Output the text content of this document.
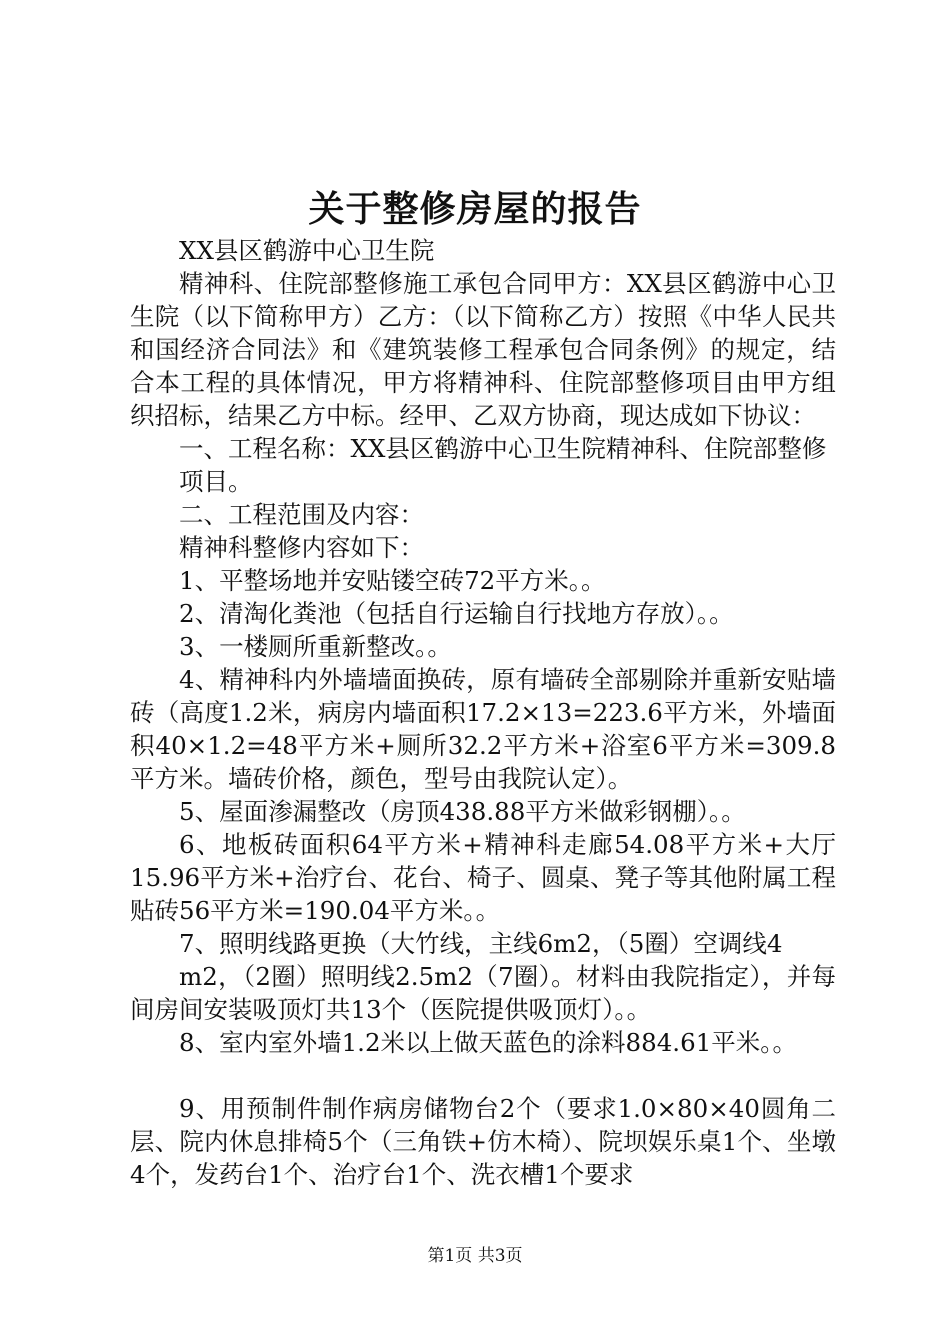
关于整修房屋的报告

XX县区鹤游中心卫生院

精神科、住院部整修施工承包合同甲方：XX县区鹤游中心卫生院（以下简称甲方）乙方：（以下简称乙方）按照《中华人民共和国经济合同法》和《建筑装修工程承包合同条例》的规定，结合本工程的具体情况，甲方将精神科、住院部整修项目由甲方组织招标，结果乙方中标。经甲、乙双方协商，现达成如下协议：

一、工程名称：XX县区鹤游中心卫生院精神科、住院部整修

项目。

二、工程范围及内容：

精神科整修内容如下：

1、平整场地并安贴镂空砖72平方米。。

2、清淘化粪池（包括自行运输自行找地方存放）。。

3、一楼厕所重新整改。。

4、精神科内外墙墙面换砖，原有墙砖全部剔除并重新安贴墙砖（高度1.2米，病房内墙面积17.2×13=223.6平方米，外墙面积40×1.2=48平方米+厕所32.2平方米+浴室6平方米=309.8平方米。墙砖价格，颜色，型号由我院认定）。

5、屋面渗漏整改（房顶438.88平方米做彩钢棚）。。

6、地板砖面积64平方米+精神科走廊54.08平方米+大厅15.96平方米+治疗台、花台、椅子、圆桌、凳子等其他附属工程贴砖56平方米=190.04平方米。。

7、照明线路更换（大竹线，主线6m2，（5圈）空调线4

m2，（2圈）照明线2.5m2（7圈）。材料由我院指定），并每间房间安装吸顶灯共13个（医院提供吸顶灯）。。

8、室内室外墙1.2米以上做天蓝色的涂料884.61平米。。

9、用预制件制作病房储物台2个（要求1.0×80×40圆角二层、院内休息排椅5个（三角铁+仿木椅）、院坝娱乐桌1个、坐墩4个，发药台1个、治疗台1个、洗衣槽1个要求

第1页 共3页
